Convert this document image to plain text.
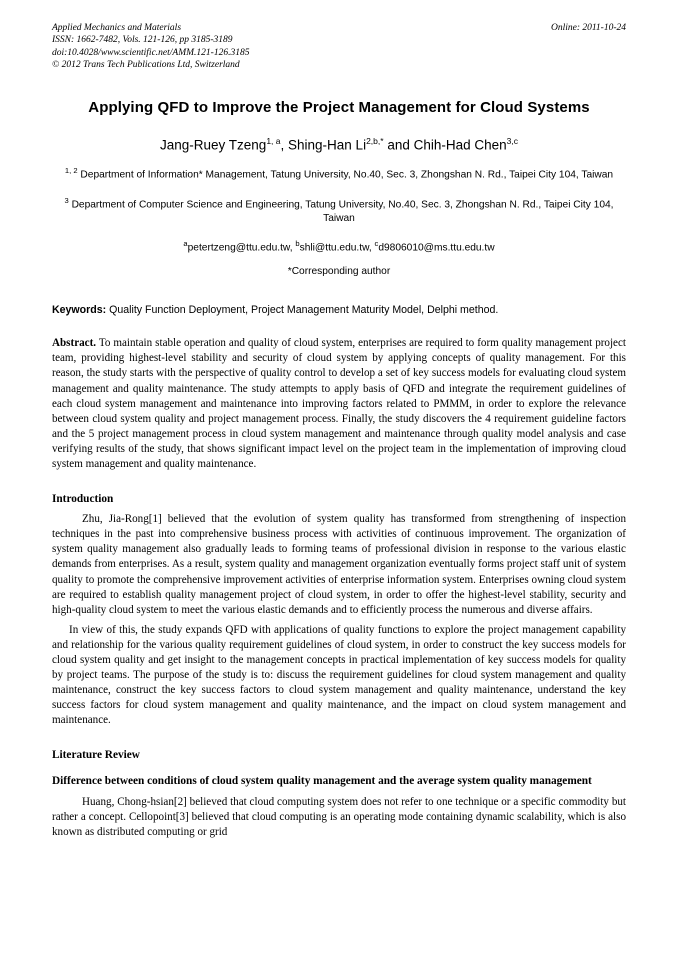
Applied Mechanics and Materials
ISSN: 1662-7482, Vols. 121-126, pp 3185-3189
doi:10.4028/www.scientific.net/AMM.121-126.3185
© 2012 Trans Tech Publications Ltd, Switzerland
Online: 2011-10-24
Applying QFD to Improve the Project Management for Cloud Systems
Jang-Ruey Tzeng$^{1, a}$, Shing-Han $Li^{2,b,*}$ and Chih-Had Chen$^{3,c}$
$^{1, 2}$ Department of Information* Management, Tatung University, No.40, Sec. 3, Zhongshan N. Rd., Taipei City 104, Taiwan
$^3$ Department of Computer Science and Engineering, Tatung University, No.40, Sec. 3, Zhongshan N. Rd., Taipei City 104, Taiwan
$^a$petertzeng@ttu.edu.tw, $^b$shli@ttu.edu.tw, $^c$d9806010@ms.ttu.edu.tw
*Corresponding author
Keywords: Quality Function Deployment, Project Management Maturity Model, Delphi method.
Abstract. To maintain stable operation and quality of cloud system, enterprises are required to form quality management project team, providing highest-level stability and security of cloud system by applying concepts of quality management. For this reason, the study starts with the perspective of quality control to develop a set of key success models for evaluating cloud system management and quality maintenance. The study attempts to apply basis of QFD and integrate the requirement guidelines of each cloud system management and maintenance into improving factors related to PMMM, in order to explore the relevance between cloud system quality and project management process. Finally, the study discovers the 4 requirement guideline factors and the 5 project management process in cloud system management and maintenance through quality model analysis and case verifying results of the study, that shows significant impact level on the project team in the implementation of improving cloud system management and quality maintenance.
Introduction

Zhu, Jia-Rong[1] believed that the evolution of system quality has transformed from strengthening of inspection techniques in the past into comprehensive business process with activities of continuous improvement. The organization of system quality management also gradually leads to forming teams of professional division in response to the various elastic demands from enterprises. As a result, system quality and management organization eventually forms project staff unit of system quality to promote the comprehensive improvement activities of enterprise information system. Enterprises owning cloud system are required to establish quality management project of cloud system, in order to offer the highest-level stability, security and high-quality cloud system to meet the various elastic demands and to efficiently process the numerous and diverse affairs.

In view of this, the study expands QFD with applications of quality functions to explore the project management capability and relationship for the various quality requirement guidelines of cloud system, in order to construct the key success models for cloud system quality and get insight to the management concepts in practical implementation of key success models for quality by project teams. The purpose of the study is to: discuss the requirement guidelines for cloud system management and quality maintenance, construct the key success factors to cloud system management and quality maintenance, understand the key success factors for cloud system management and quality maintenance, and the impact on cloud system management and maintenance.

Literature Review
Difference between conditions of cloud system quality management and the average system quality management

Huang, Chong-hsian[2] believed that cloud computing system does not refer to one technique or a specific commodity but rather a concept. Cellopoint[3] believed that cloud computing is an operating mode containing dynamic scalability, which is also known as distributed computing or grid
